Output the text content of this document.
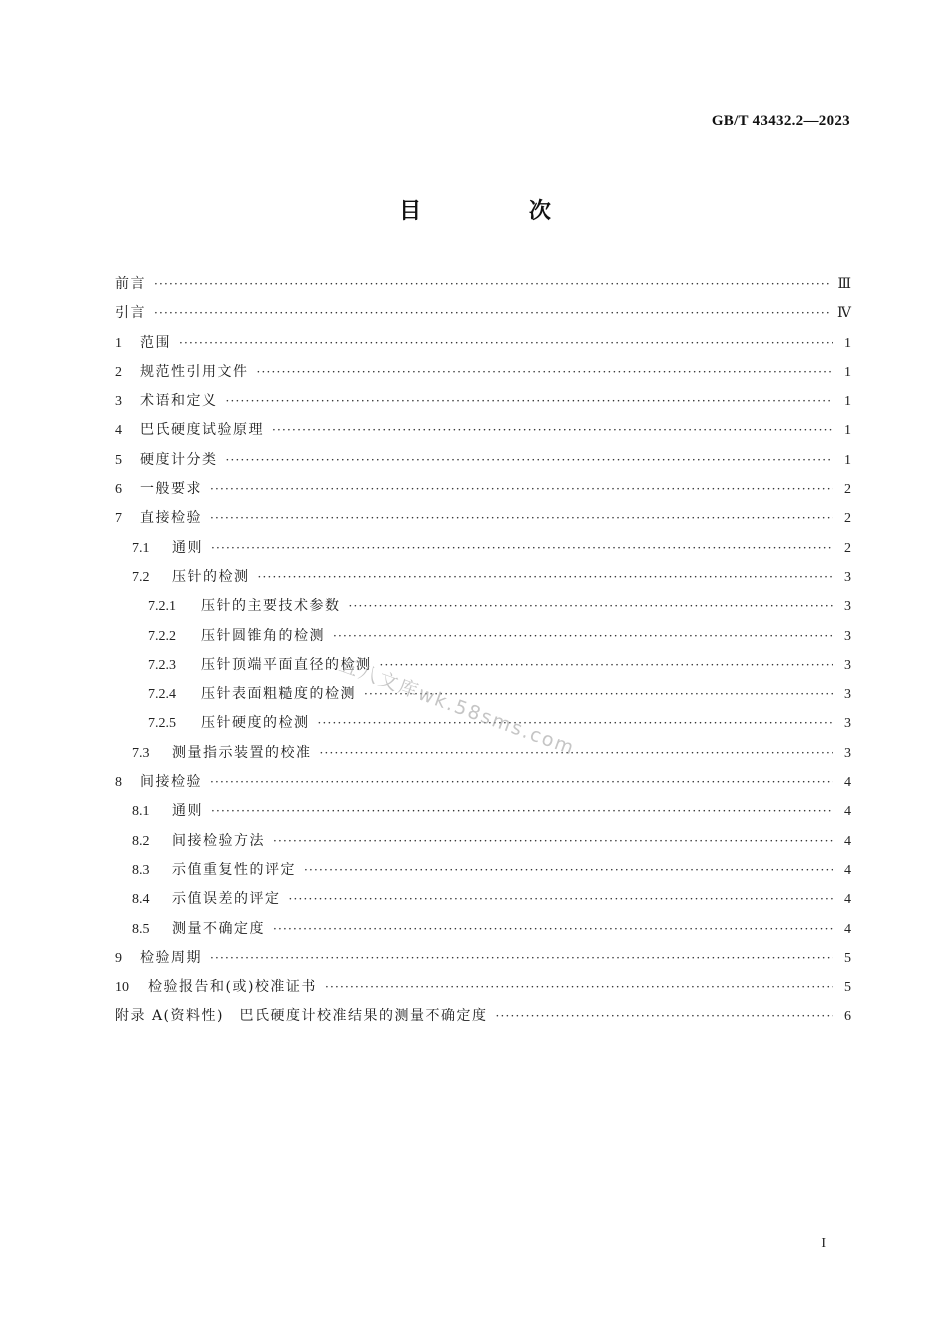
GB/T 43432.2—2023
目 次
前言 ·····	Ⅲ
引言 ·····	Ⅳ
1	范围 ·····	1
2	规范性引用文件 ·····	1
3	术语和定义 ·····	1
4	巴氏硬度试验原理 ·····	1
5	硬度计分类 ·····	1
6	一般要求 ·····	2
7	直接检验 ·····	2
7.1	通则 ·····	2
7.2	压针的检测 ·····	3
7.2.1	压针的主要技术参数 ·····	3
7.2.2	压针圆锥角的检测 ·····	3
7.2.3	压针顶端平面直径的检测 ·····	3
7.2.4	压针表面粗糙度的检测 ·····	3
7.2.5	压针硬度的检测 ·····	3
7.3	测量指示装置的校准 ·····	3
8	间接检验 ·····	4
8.1	通则 ·····	4
8.2	间接检验方法 ·····	4
8.3	示值重复性的评定 ·····	4
8.4	示值误差的评定 ·····	4
8.5	测量不确定度 ·····	4
9	检验周期 ·····	5
10	检验报告和(或)校准证书 ·····	5
附录 A(资料性)　巴氏硬度计校准结果的测量不确定度 ·····	6
五八文库wk.58sms.com
I
